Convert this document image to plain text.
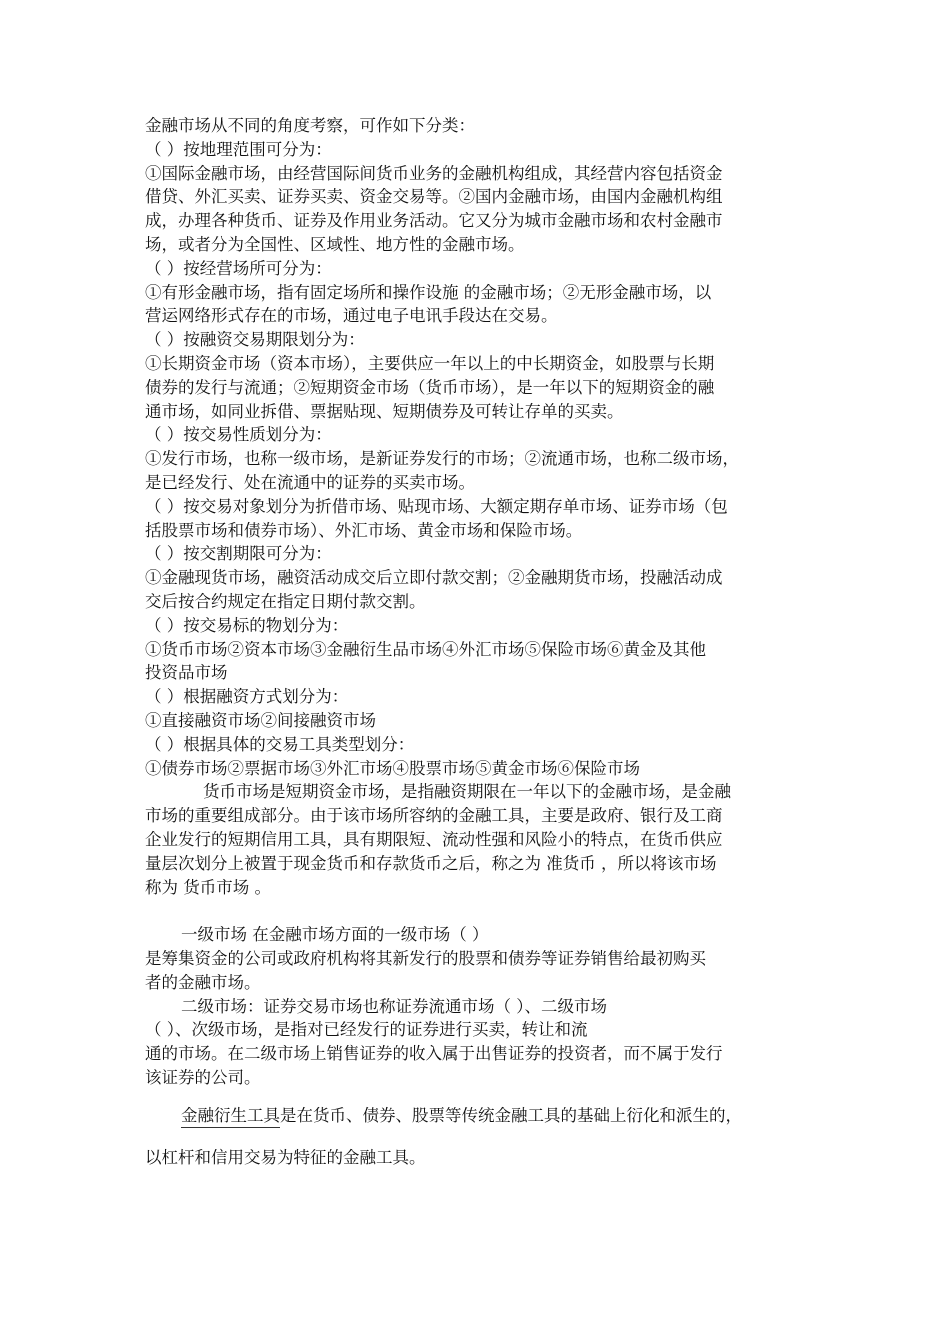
金融市场从不同的角度考察，可作如下分类：
（ ）按地理范围可分为：
①国际金融市场，由经营国际间货币业务的金融机构组成，其经营内容包括资金
借贷、外汇买卖、证券买卖、资金交易等。②国内金融市场，由国内金融机构组
成，办理各种货币、证券及作用业务活动。它又分为城市金融市场和农村金融市
场，或者分为全国性、区域性、地方性的金融市场。
（ ）按经营场所可分为：
①有形金融市场，指有固定场所和操作设施 的金融市场；②无形金融市场，以
营运网络形式存在的市场，通过电子电讯手段达在交易。
（ ）按融资交易期限划分为：
①长期资金市场（资本市场），主要供应一年以上的中长期资金，如股票与长期
债券的发行与流通；②短期资金市场（货币市场），是一年以下的短期资金的融
通市场，如同业拆借、票据贴现、短期债券及可转让存单的买卖。
（ ）按交易性质划分为：
①发行市场，也称一级市场，是新证券发行的市场；②流通市场，也称二级市场，
是已经发行、处在流通中的证券的买卖市场。
（ ）按交易对象划分为折借市场、贴现市场、大额定期存单市场、证券市场（包
括股票市场和债券市场）、外汇市场、黄金市场和保险市场。
（ ）按交割期限可分为：
①金融现货市场，融资活动成交后立即付款交割；②金融期货市场，投融活动成
交后按合约规定在指定日期付款交割。
（ ）按交易标的物划分为：
①货币市场②资本市场③金融衍生品市场④外汇市场⑤保险市场⑥黄金及其他
投资品市场
（ ）根据融资方式划分为：
①直接融资市场②间接融资市场
（ ）根据具体的交易工具类型划分：
①债券市场②票据市场③外汇市场④股票市场⑤黄金市场⑥保险市场
货币市场是短期资金市场，是指融资期限在一年以下的金融市场，是金融
市场的重要组成部分。由于该市场所容纳的金融工具，主要是政府、银行及工商
企业发行的短期信用工具，具有期限短、流动性强和风险小的特点，在货币供应
量层次划分上被置于现金货币和存款货币之后，称之为 准货币 ，所以将该市场
称为 货币市场 。
一级市场 在金融市场方面的一级市场（ ）
是筹集资金的公司或政府机构将其新发行的股票和债券等证券销售给最初购买
者的金融市场。
二级市场：证券交易市场也称证券流通市场（ ）、二级市场
（ ）、次级市场，是指对已经发行的证券进行买卖，转让和流
通的市场。在二级市场上销售证券的收入属于出售证券的投资者，而不属于发行
该证券的公司。
金融衍生工具是在货币、债券、股票等传统金融工具的基础上衍化和派生的，
以杠杆和信用交易为特征的金融工具。
